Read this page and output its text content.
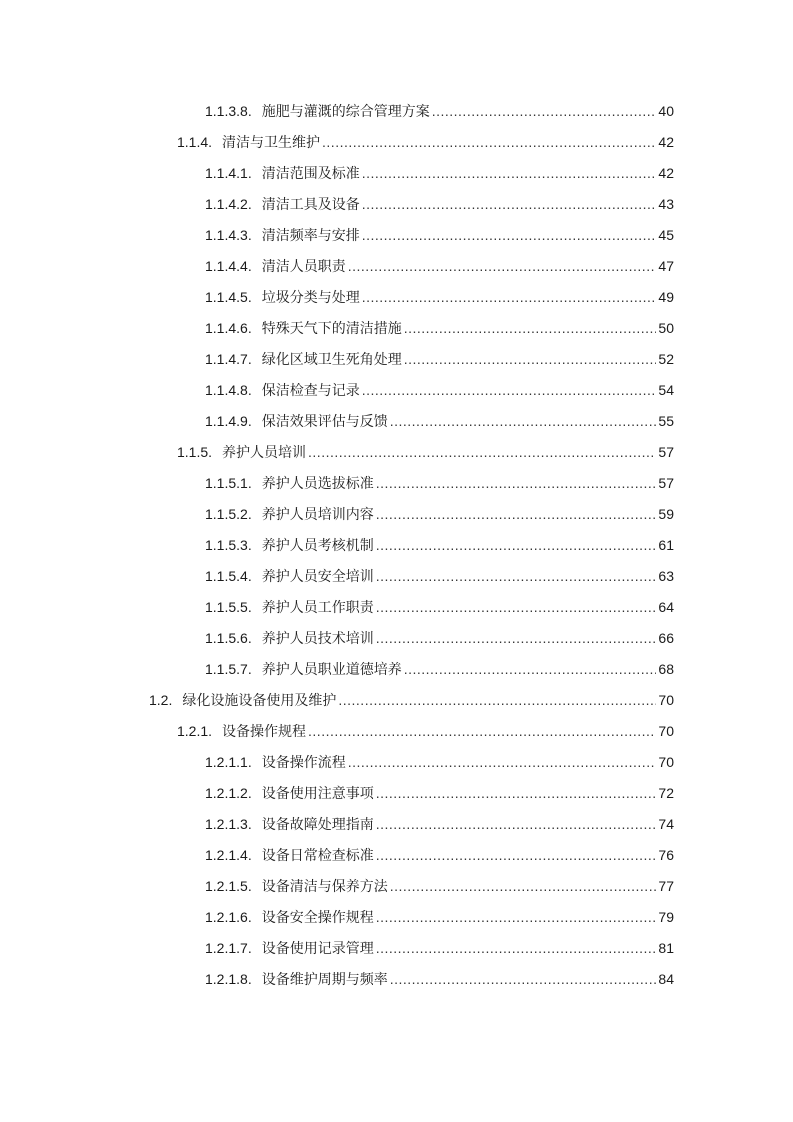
1.1.3.8. 施肥与灌溉的综合管理方案 .....	40
1.1.4. 清洁与卫生维护 .....	42
1.1.4.1. 清洁范围及标准 .....	42
1.1.4.2. 清洁工具及设备 .....	43
1.1.4.3. 清洁频率与安排 .....	45
1.1.4.4. 清洁人员职责 .....	47
1.1.4.5. 垃圾分类与处理 .....	49
1.1.4.6. 特殊天气下的清洁措施 .....	50
1.1.4.7. 绿化区域卫生死角处理 .....	52
1.1.4.8. 保洁检查与记录 .....	54
1.1.4.9. 保洁效果评估与反馈 .....	55
1.1.5. 养护人员培训 .....	57
1.1.5.1. 养护人员选拔标准 .....	57
1.1.5.2. 养护人员培训内容 .....	59
1.1.5.3. 养护人员考核机制 .....	61
1.1.5.4. 养护人员安全培训 .....	63
1.1.5.5. 养护人员工作职责 .....	64
1.1.5.6. 养护人员技术培训 .....	66
1.1.5.7. 养护人员职业道德培养 .....	68
1.2. 绿化设施设备使用及维护 .....	70
1.2.1. 设备操作规程 .....	70
1.2.1.1. 设备操作流程 .....	70
1.2.1.2. 设备使用注意事项 .....	72
1.2.1.3. 设备故障处理指南 .....	74
1.2.1.4. 设备日常检查标准 .....	76
1.2.1.5. 设备清洁与保养方法 .....	77
1.2.1.6. 设备安全操作规程 .....	79
1.2.1.7. 设备使用记录管理 .....	81
1.2.1.8. 设备维护周期与频率 .....	84
